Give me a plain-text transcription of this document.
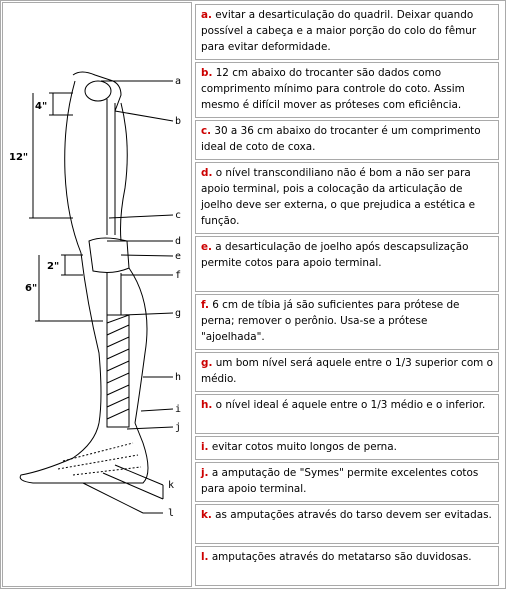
a
b
c
d
e
f
g
h
i
j
k
l
4"
12"
2"
6"
a. evitar a desarticulação do quadril. Deixar quando possível a cabeça e a maior porção do colo do fêmur para evitar deformidade.
b. 12 cm abaixo do trocanter são dados como comprimento mínimo para controle do coto. Assim mesmo é difícil mover as próteses com eficiência.
c. 30 a 36 cm abaixo do trocanter é um comprimento ideal de coto de coxa.
d. o nível transcondiliano não é bom a não ser para apoio terminal, pois a colocação da articulação de joelho deve ser externa, o que prejudica a estética e função.
e. a desarticulação de joelho após descapsulização permite cotos para apoio terminal.
f. 6 cm de tíbia já são suficientes para prótese de perna; remover o perônio. Usa-se a prótese "ajoelhada".
g. um bom nível será aquele entre o 1/3 superior com o médio.
h. o nível ideal é aquele entre o 1/3 médio e o inferior.
i. evitar cotos muito longos de perna.
j. a amputação de "Symes" permite excelentes cotos para apoio terminal.
k. as amputações através do tarso devem ser evitadas.
l. amputações através do metatarso são duvidosas.
